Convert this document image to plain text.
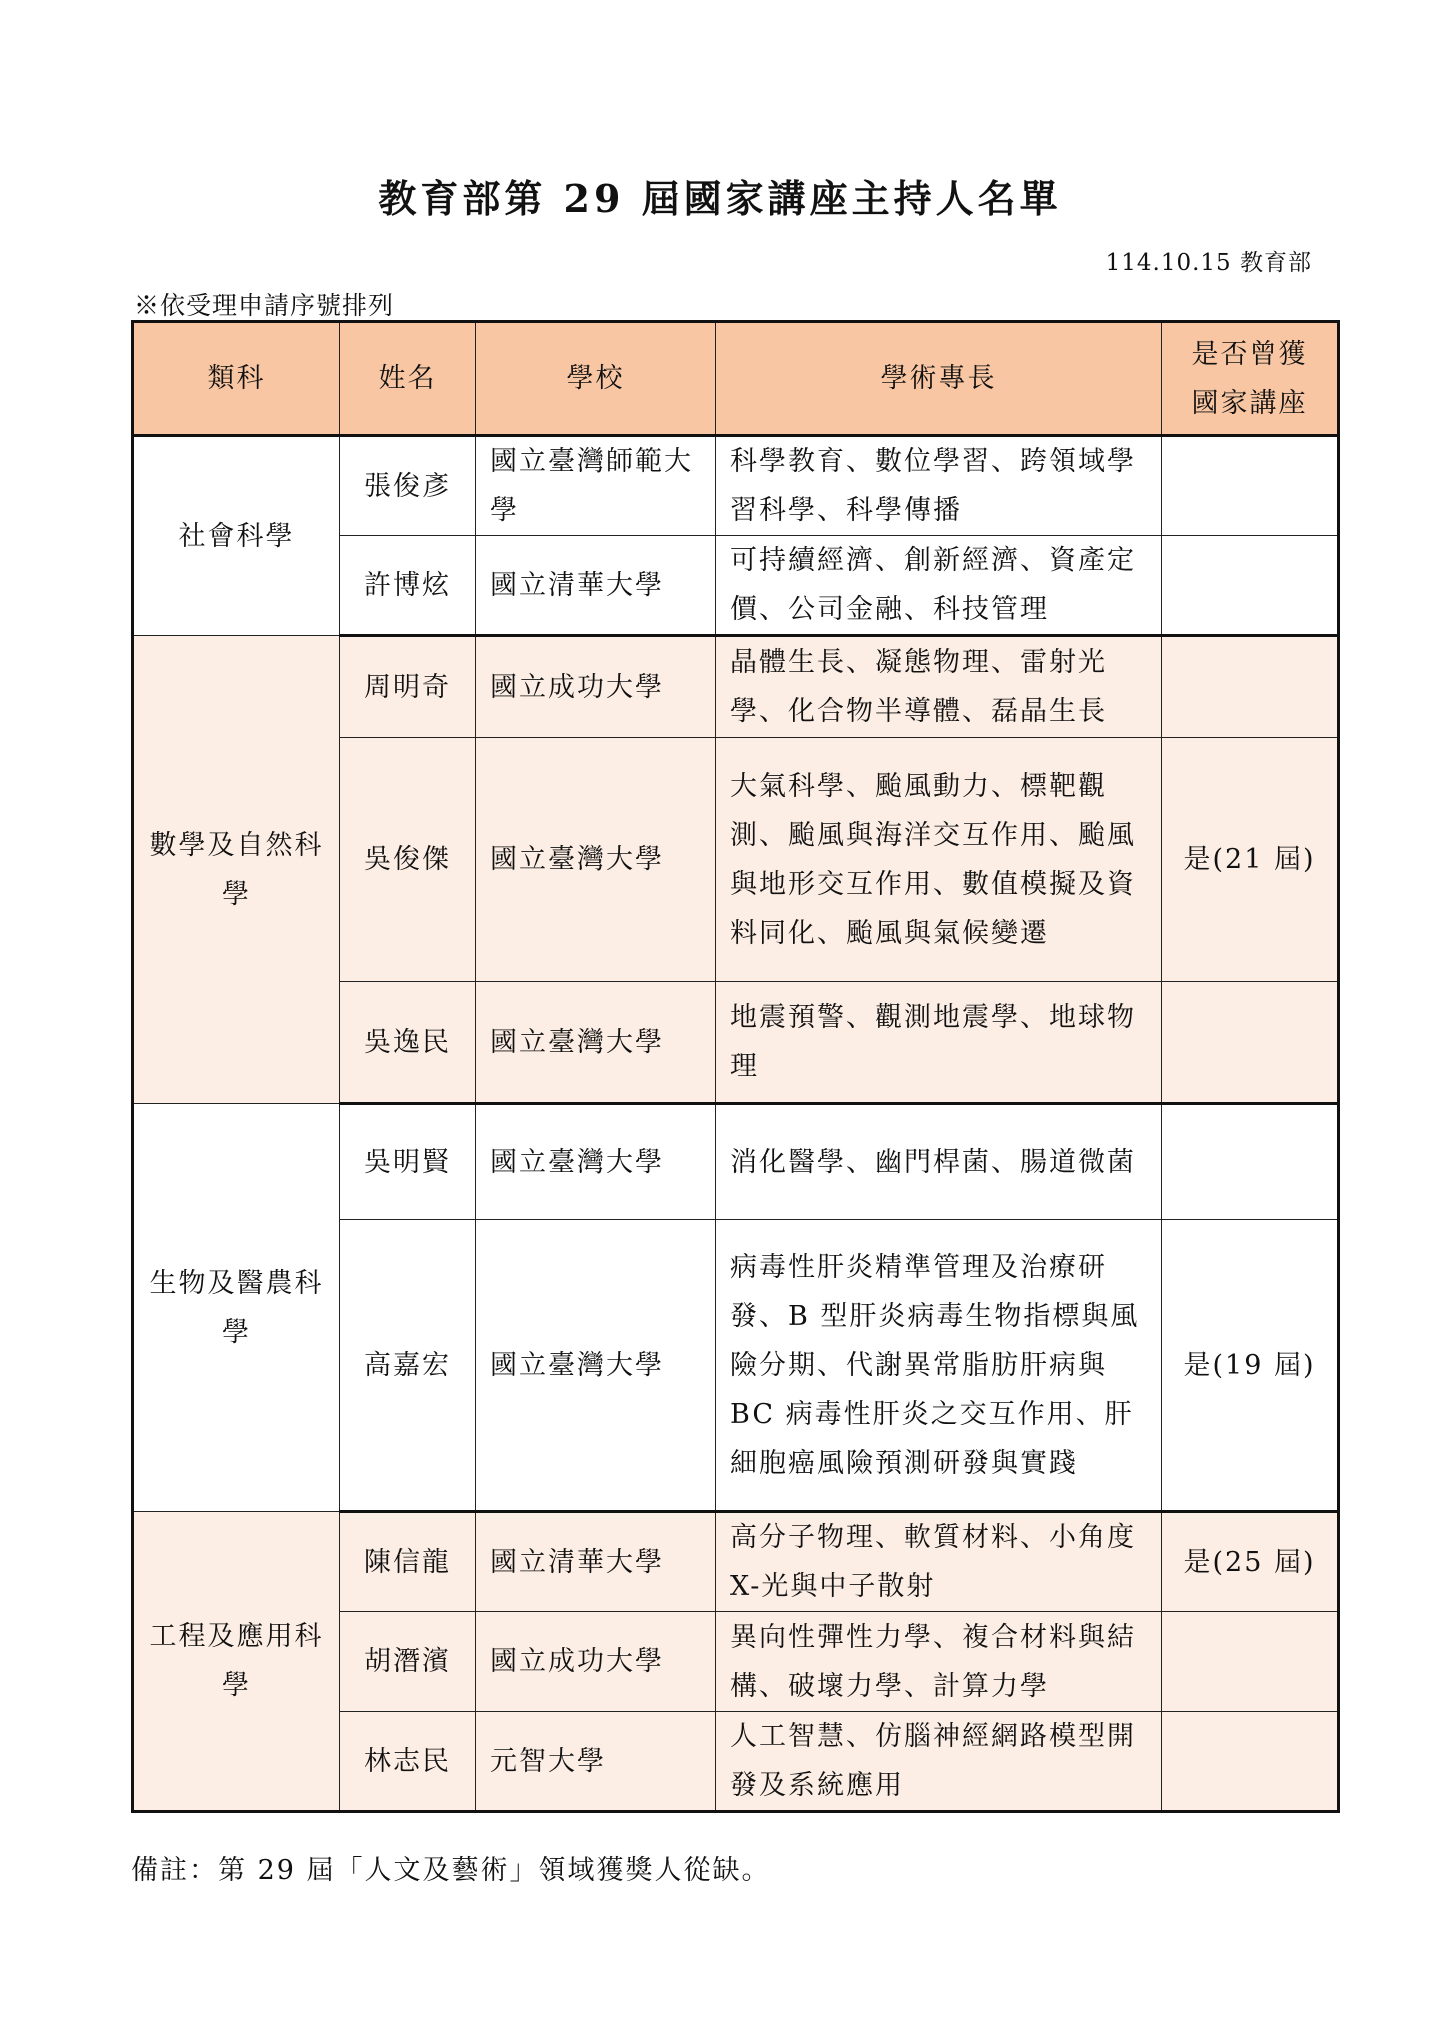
教育部第 29 屆國家講座主持人名單
114.10.15 教育部
※依受理申請序號排列
類科	姓名	學校	學術專長	是否曾獲
國家講座
社會科學	張俊彥	國立臺灣師範大學	科學教育、數位學習、跨領域學習科學、科學傳播	
	許博炫	國立清華大學	可持續經濟、創新經濟、資產定價、公司金融、科技管理	
數學及自然科學	周明奇	國立成功大學	晶體生長、凝態物理、雷射光學、化合物半導體、磊晶生長	
	吳俊傑	國立臺灣大學	大氣科學、颱風動力、標靶觀測、颱風與海洋交互作用、颱風與地形交互作用、數值模擬及資料同化、颱風與氣候變遷	是(21 屆)
	吳逸民	國立臺灣大學	地震預警、觀測地震學、地球物理	
生物及醫農科學	吳明賢	國立臺灣大學	消化醫學、幽門桿菌、腸道微菌	
	高嘉宏	國立臺灣大學	病毒性肝炎精準管理及治療研發、B 型肝炎病毒生物指標與風險分期、代謝異常脂肪肝病與 BC 病毒性肝炎之交互作用、肝細胞癌風險預測研發與實踐	是(19 屆)
工程及應用科學	陳信龍	國立清華大學	高分子物理、軟質材料、小角度 X-光與中子散射	是(25 屆)
	胡潛濱	國立成功大學	異向性彈性力學、複合材料與結構、破壞力學、計算力學	
	林志民	元智大學	人工智慧、仿腦神經網路模型開發及系統應用	
備註：第 29 屆「人文及藝術」領域獲獎人從缺。
